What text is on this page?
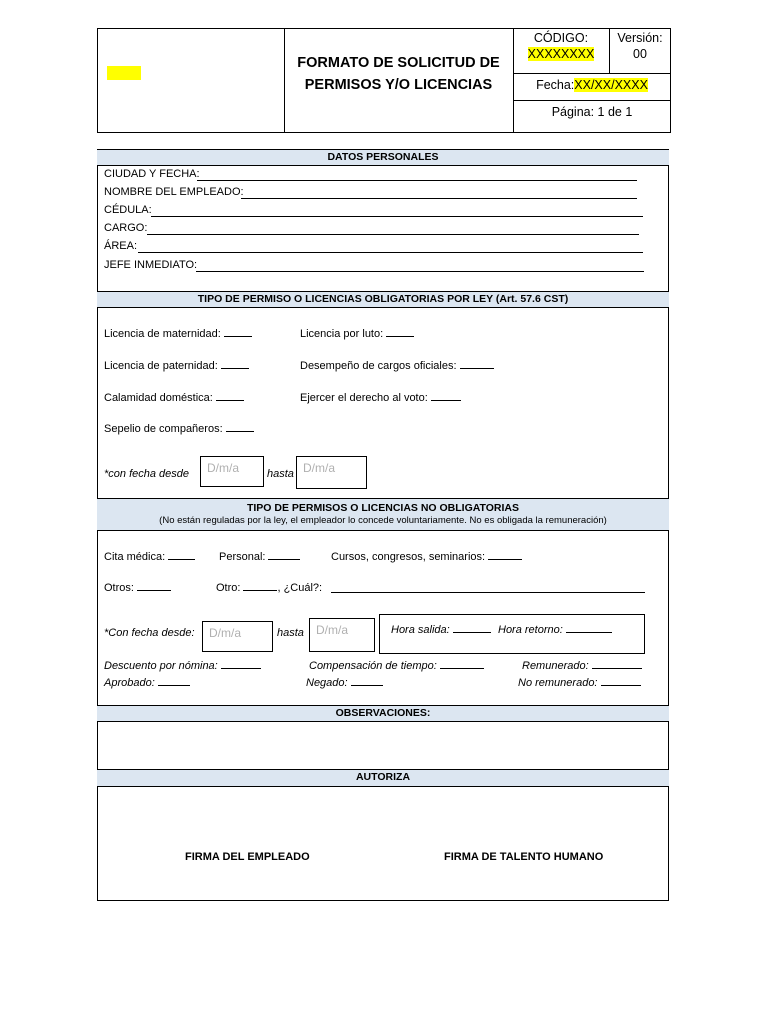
FORMATO DE SOLICITUD DE
PERMISOS Y/O LICENCIAS
CÓDIGO:
XXXXXXXX
Versión:
00
Fecha:XX/XX/XXXX
Página: 1 de 1
DATOS PERSONALES
CIUDAD Y FECHA:
NOMBRE DEL EMPLEADO:
CÉDULA:
CARGO:
ÁREA:
JEFE INMEDIATO:
TIPO DE PERMISO O LICENCIAS OBLIGATORIAS POR LEY (Art. 57.6 CST)
Licencia de maternidad:	Licencia por luto:
Licencia de paternidad:	Desempeño de cargos oficiales:
Calamidad doméstica:	Ejercer el derecho al voto:
Sepelio de compañeros:
*con fecha desde	D/m/a	hasta D/m/a
TIPO DE PERMISOS O LICENCIAS NO OBLIGATORIAS
(No están reguladas por la ley, el empleador lo concede voluntariamente. No es obligada la remuneración)
Cita médica:	Personal:	Cursos, congresos, seminarios:
Otros:	Otro:	, ¿Cuál?:
*Con fecha desde:	D/m/a	hasta	D/m/a	Hora salida:	Hora retorno:
Descuento por nómina:	Compensación de tiempo:	Remunerado:
Aprobado:	Negado:	No remunerado:
OBSERVACIONES:
AUTORIZA
FIRMA DEL EMPLEADO	FIRMA DE TALENTO HUMANO
